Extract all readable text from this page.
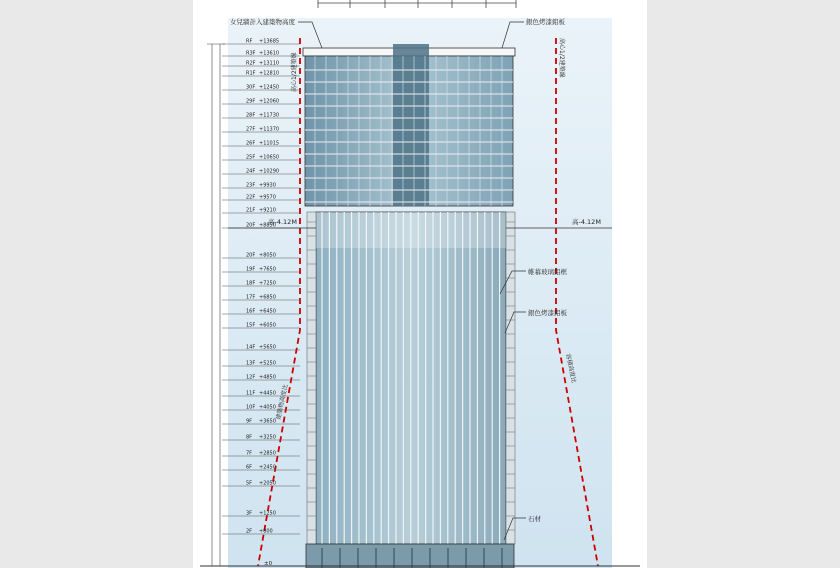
RF +13685
R3F +13610
R2F +13110
R1F +12810
30F +12450
29F +12060
28F +11730
27F +11370
26F +11015
25F +10650
24F +10290
23F +9930
22F +9570
21F +9210
20F +8850
20F +8050
19F +7650
18F +7250
17F +6850
16F +6450
15F +6050
14F +5650
13F +5250
12F +4850
11F +4450
10F +4050
9F +3650
8F +3250
7F +2850
6F +2450
5F +2050
3F +1250
2F +800
女兒牆計入建築物高度	銀色烤漆鋁板
帷幕玻璃鋁框
銀色烤漆鋁板
石材
高-4.12M	高-4.12M
±0
建築物高度比
容積高度比
高心1/2建築線	高心1/2建築線
